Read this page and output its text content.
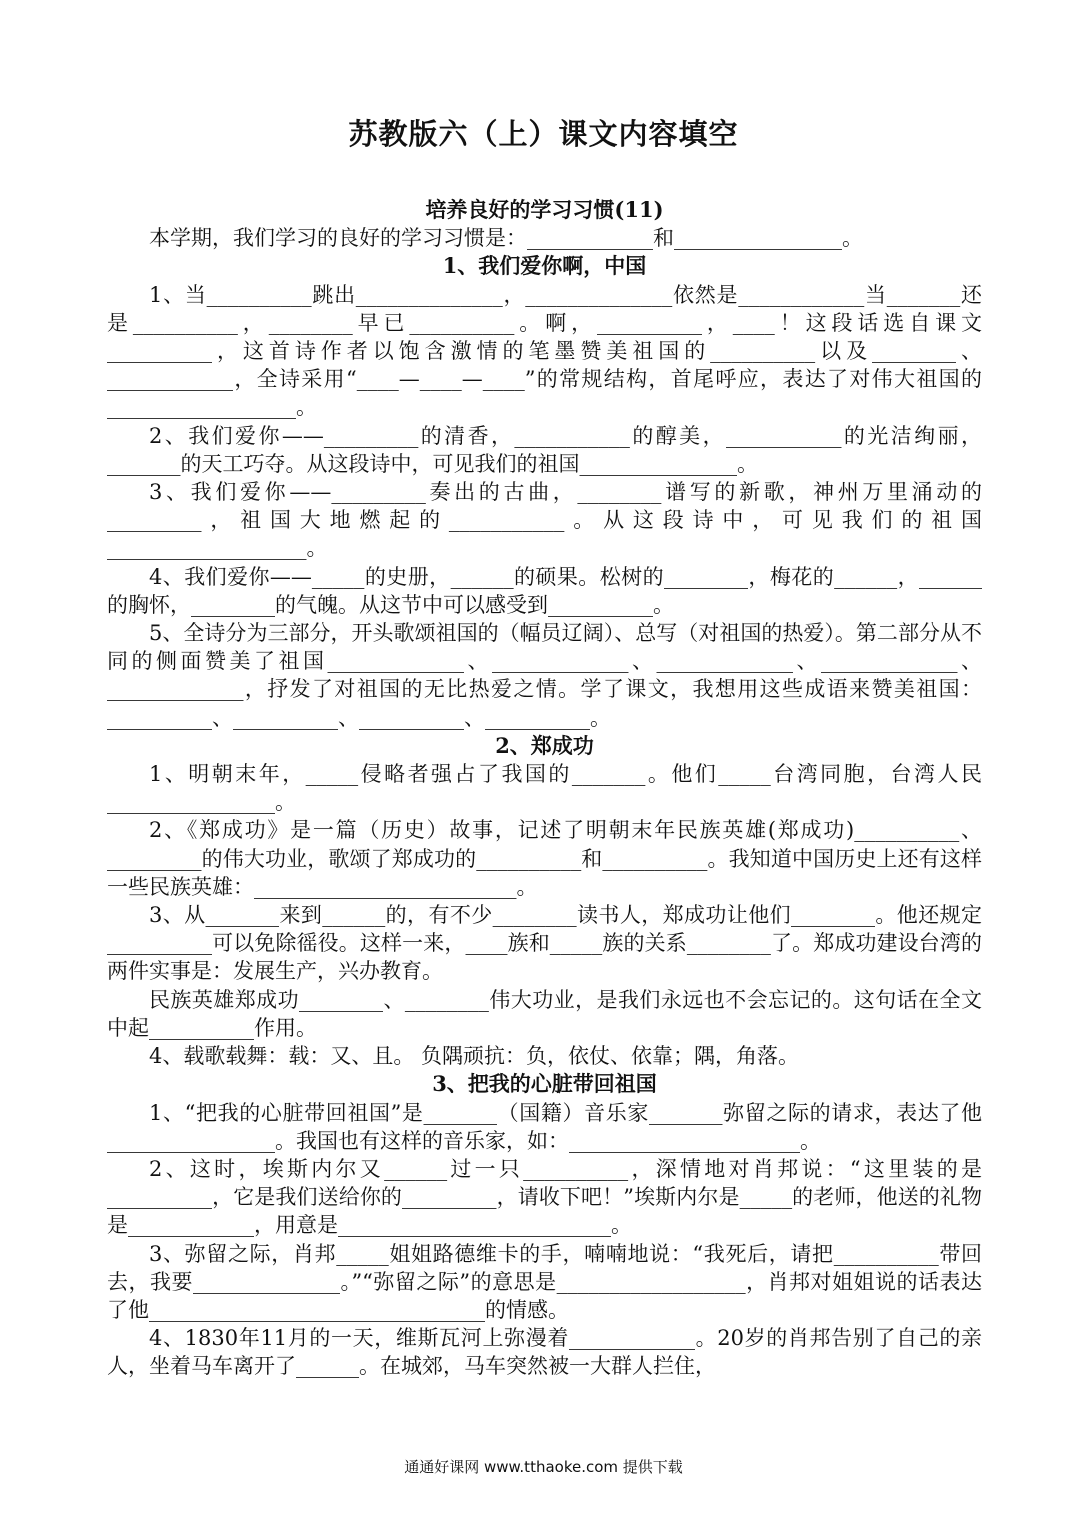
苏教版六（上）课文内容填空
培养良好的学习习惯(11)

本学期，我们学习的良好的学习习惯是：____________和________________。

1、我们爱你啊，中国

1、当__________跳出______________，______________依然是____________当_______还是__________，________早已__________。啊，__________，____！这段话选自课文__________，这首诗作者以饱含激情的笔墨赞美祖国的__________以及________、____________，全诗采用“____—____—____”的常规结构，首尾呼应，表达了对伟大祖国的__________________。

2、我们爱你——_________的清香，___________的醇美，___________的光洁绚丽，_______的天工巧夺。从这段诗中，可见我们的祖国_______________。

3、我们爱你——_________奏出的古曲，________谱写的新歌，神州万里涌动的_________，祖国大地燃起的___________。从这段诗中，可见我们的祖国___________________。

4、我们爱你——_____的史册，______的硕果。松树的________，梅花的______，______的胸怀，________的气魄。从这节中可以感受到__________。

5、全诗分为三部分，开头歌颂祖国的（幅员辽阔）、总写（对祖国的热爱）。第二部分从不同的侧面赞美了祖国_____________、_____________、_____________、_____________、_____________，抒发了对祖国的无比热爱之情。学了课文，我想用这些成语来赞美祖国：__________、__________、__________、__________。

2、郑成功

1、明朝末年，_____侵略者强占了我国的_______。他们_____台湾同胞，台湾人民________________。

2、《郑成功》是一篇（历史）故事，记述了明朝末年民族英雄(郑成功)__________、_________的伟大功业，歌颂了郑成功的__________和__________。我知道中国历史上还有这样一些民族英雄：_________________________。

3、从_______来到______的，有不少________读书人，郑成功让他们________。他还规定__________可以免除徭役。这样一来，____族和_____族的关系________了。郑成功建设台湾的两件实事是：发展生产，兴办教育。

民族英雄郑成功________、________伟大功业，是我们永远也不会忘记的。这句话在全文中起__________作用。

4、载歌载舞：载：又、且。 负隅顽抗：负，依仗、依靠；隅，角落。

3、把我的心脏带回祖国

1、“把我的心脏带回祖国”是_______（国籍）音乐家_______弥留之际的请求，表达了他________________。我国也有这样的音乐家，如：______________________。

2、这时，埃斯内尔又______过一只__________，深情地对肖邦说：“这里装的是__________，它是我们送给你的_________，请收下吧！”埃斯内尔是_____的老师，他送的礼物是____________，用意是__________________________。

3、弥留之际，肖邦_____姐姐路德维卡的手，喃喃地说：“我死后，请把__________带回去，我要______________。”“弥留之际”的意思是__________________，肖邦对姐姐说的话表达了他________________________________的情感。

4、1830年11月的一天，维斯瓦河上弥漫着____________。20岁的肖邦告别了自己的亲人，坐着马车离开了______。在城郊，马车突然被一大群人拦住，

通通好课网 www.tthaoke.com 提供下载
